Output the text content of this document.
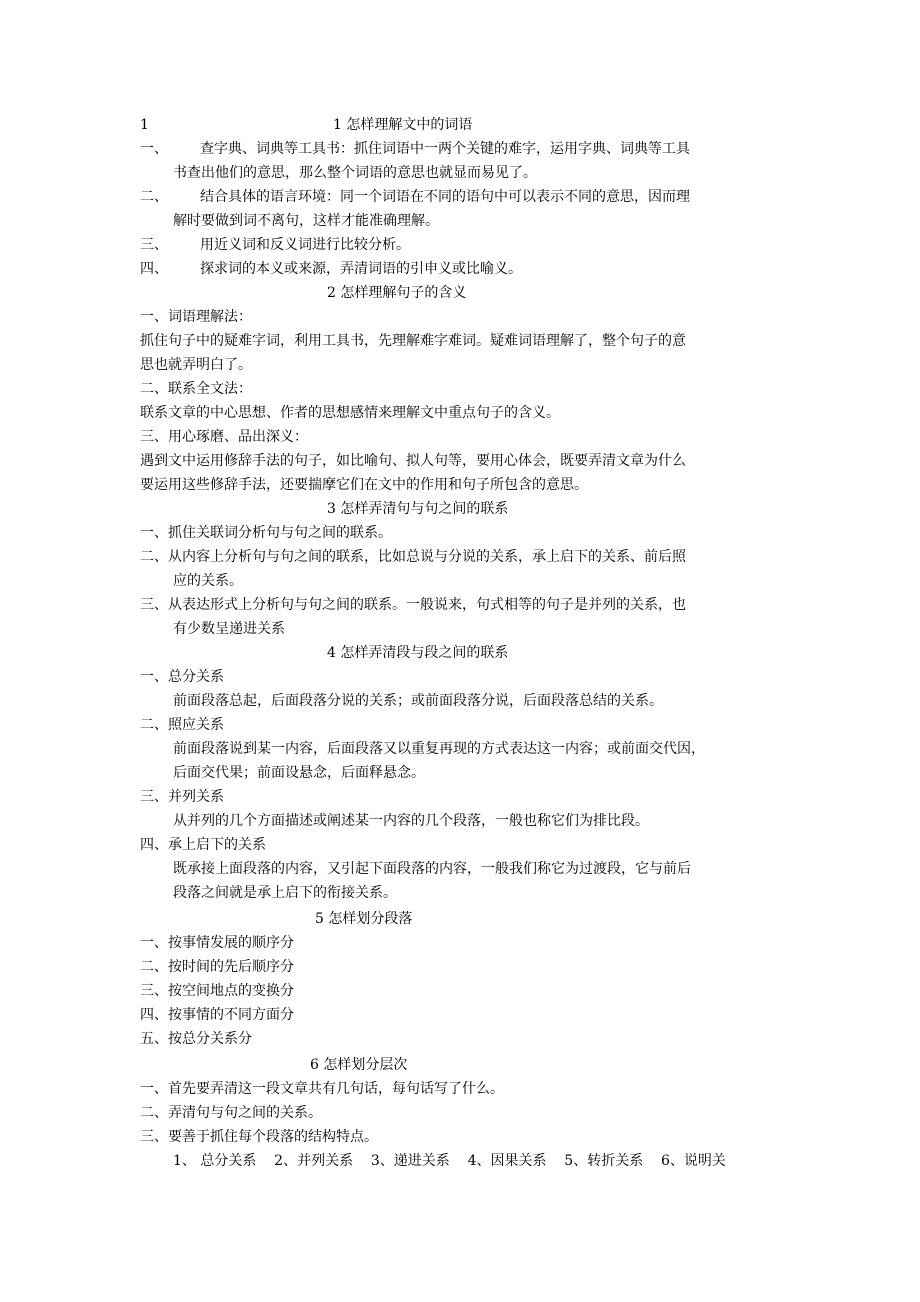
1	1 怎样理解文中的词语
一、 查字典、词典等工具书：抓住词语中一两个关键的难字，运用字典、词典等工具
书查出他们的意思，那么整个词语的意思也就显而易见了。
二、 结合具体的语言环境：同一个词语在不同的语句中可以表示不同的意思，因而理
解时要做到词不离句，这样才能准确理解。
三、 用近义词和反义词进行比较分析。
四、 探求词的本义或来源，弄清词语的引申义或比喻义。
2 怎样理解句子的含义
一、词语理解法：
抓住句子中的疑难字词，利用工具书，先理解难字难词。疑难词语理解了，整个句子的意
思也就弄明白了。
二、联系全文法：
联系文章的中心思想、作者的思想感情来理解文中重点句子的含义。
三、用心琢磨、品出深义：
遇到文中运用修辞手法的句子，如比喻句、拟人句等，要用心体会，既要弄清文章为什么
要运用这些修辞手法，还要揣摩它们在文中的作用和句子所包含的意思。
3 怎样弄清句与句之间的联系
一、抓住关联词分析句与句之间的联系。
二、从内容上分析句与句之间的联系，比如总说与分说的关系，承上启下的关系、前后照
应的关系。
三、从表达形式上分析句与句之间的联系。一般说来，句式相等的句子是并列的关系，也
有少数呈递进关系
4 怎样弄清段与段之间的联系
一、总分关系
前面段落总起，后面段落分说的关系；或前面段落分说，后面段落总结的关系。
二、照应关系
前面段落说到某一内容，后面段落又以重复再现的方式表达这一内容；或前面交代因，
后面交代果；前面设悬念，后面释悬念。
三、并列关系
从并列的几个方面描述或阐述某一内容的几个段落，一般也称它们为排比段。
四、承上启下的关系
既承接上面段落的内容，又引起下面段落的内容，一般我们称它为过渡段，它与前后
段落之间就是承上启下的衔接关系。
5 怎样划分段落
一、按事情发展的顺序分
二、按时间的先后顺序分
三、按空间地点的变换分
四、按事情的不同方面分
五、按总分关系分
6 怎样划分层次
一、首先要弄清这一段文章共有几句话，每句话写了什么。
二、弄清句与句之间的关系。
三、要善于抓住每个段落的结构特点。
1、 总分关系    2、并列关系    3、递进关系    4、因果关系    5、转折关系    6、说明关
